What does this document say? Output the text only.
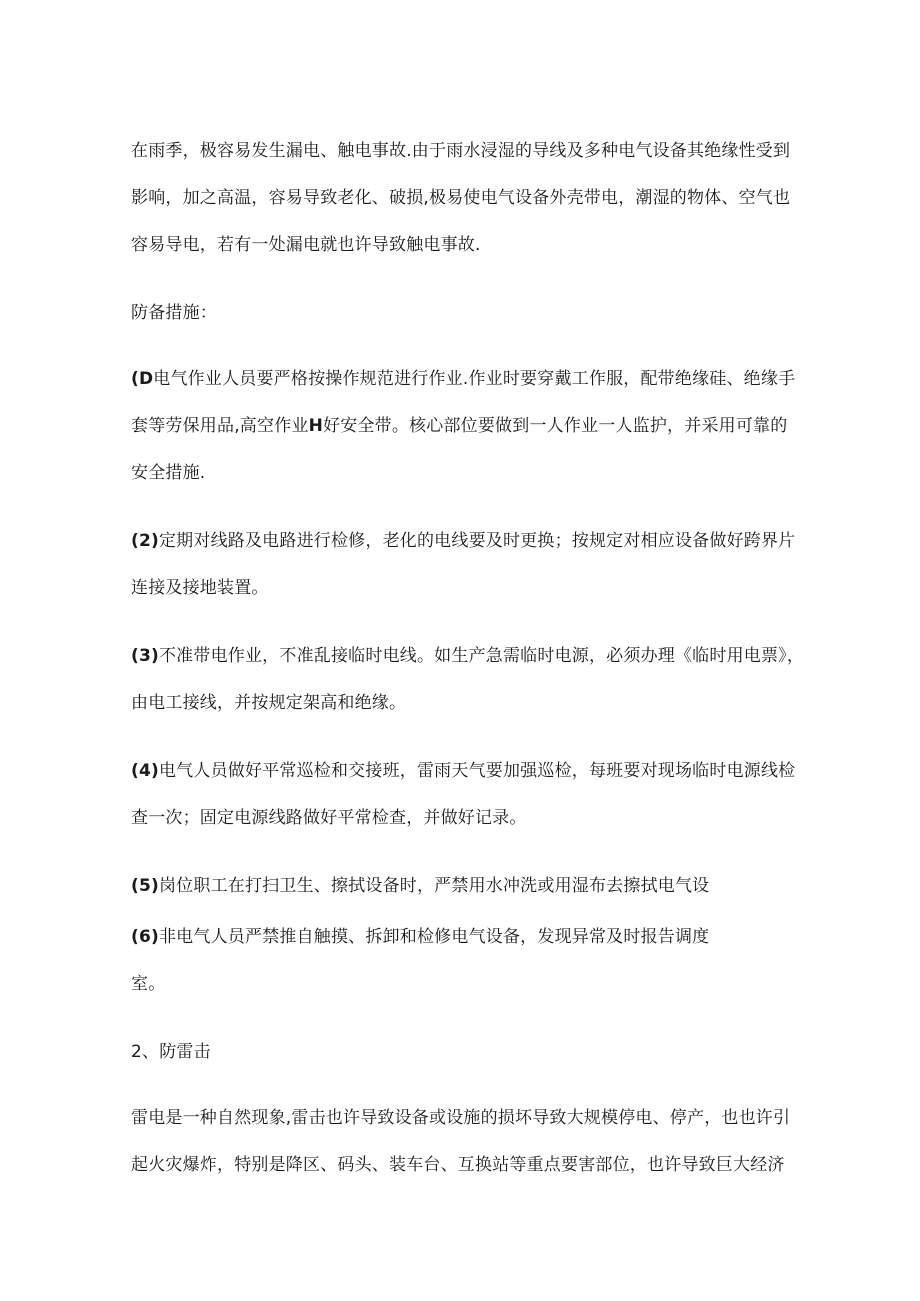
在雨季，极容易发生漏电、触电事故.由于雨水浸湿的导线及多种电气设备其绝缘性受到
影响，加之高温，容易导致老化、破损,极易使电气设备外壳带电，潮湿的物体、空气也
容易导电，若有一处漏电就也许导致触电事故.
防备措施：
(D电气作业人员要严格按操作规范进行作业.作业时要穿戴工作服，配带绝缘硅、绝缘手
套等劳保用品,高空作业H好安全带。核心部位要做到一人作业一人监护，并采用可靠的
安全措施.
(2)定期对线路及电路进行检修，老化的电线要及时更换；按规定对相应设备做好跨界片
连接及接地装置。
(3)不准带电作业，不准乱接临时电线。如生产急需临时电源，必须办理《临时用电票》，
由电工接线，并按规定架高和绝缘。
(4)电气人员做好平常巡检和交接班，雷雨天气要加强巡检，每班要对现场临时电源线检
查一次；固定电源线路做好平常检查，并做好记录。
(5)岗位职工在打扫卫生、擦拭设备时，严禁用水冲洗或用湿布去擦拭电气设
(6)非电气人员严禁推自触摸、拆卸和检修电气设备，发现异常及时报告调度
室。
2、防雷击
雷电是一种自然现象,雷击也许导致设备或设施的损坏导致大规模停电、停产，也也许引
起火灾爆炸，特别是降区、码头、装车台、互换站等重点要害部位，也许导致巨大经济
